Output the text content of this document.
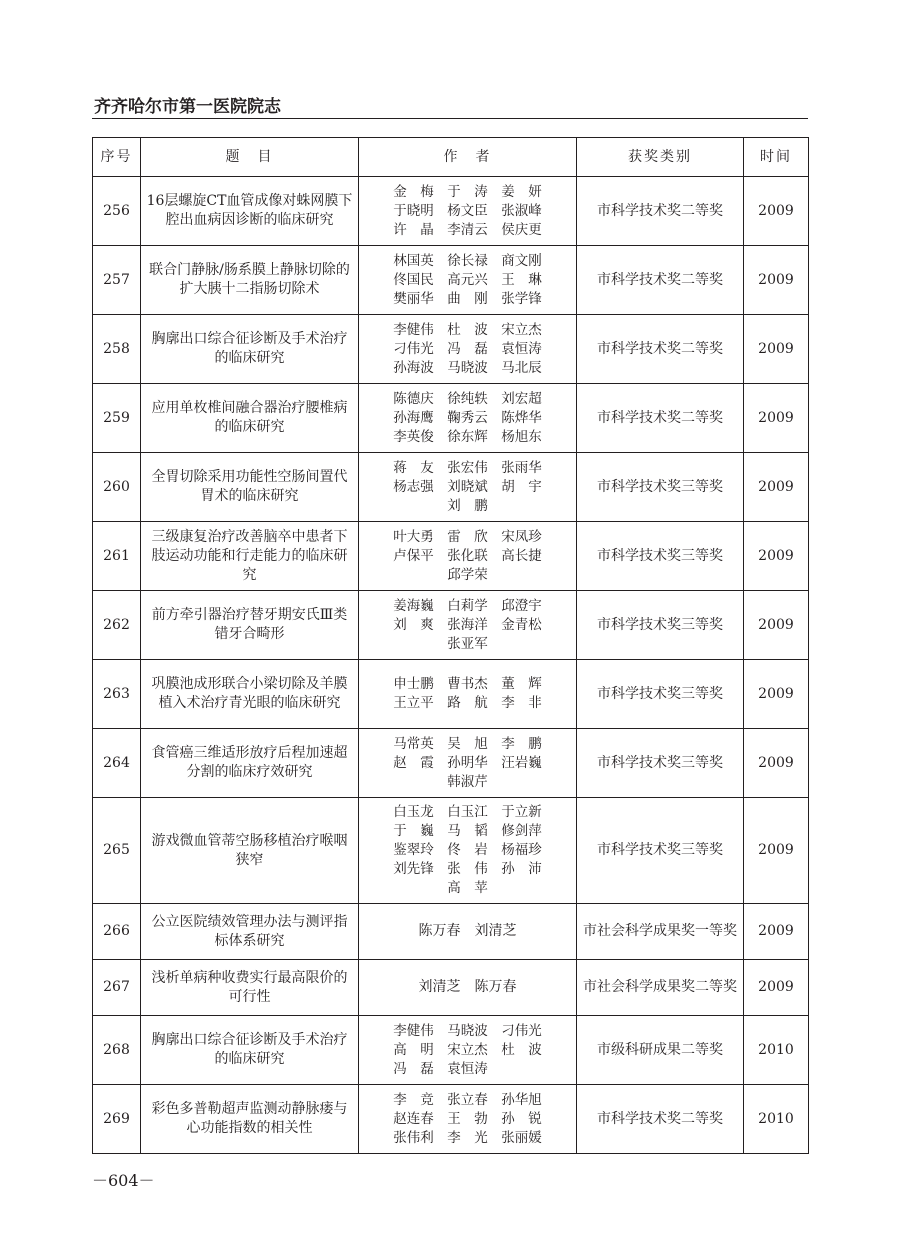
齐齐哈尔市第一医院院志
序号	题　目	作　者	获奖类别	时间
256	16层螺旋CT血管成像对蛛网膜下腔出血病因诊断的临床研究	金　梅　于　涛　姜　妍
于晓明　杨文臣　张淑峰
许　晶　李清云　侯庆更	市科学技术奖二等奖	2009
257	联合门静脉/肠系膜上静脉切除的扩大胰十二指肠切除术	林国英　徐长禄　商文刚
佟国民　高元兴　王　琳
樊丽华　曲　刚　张学锋	市科学技术奖二等奖	2009
258	胸廓出口综合征诊断及手术治疗的临床研究	李健伟　杜　波　宋立杰
刁伟光　冯　磊　袁恒涛
孙海波　马晓波　马北辰	市科学技术奖二等奖	2009
259	应用单枚椎间融合器治疗腰椎病的临床研究	陈德庆　徐纯轶　刘宏超
孙海鹰　鞠秀云　陈烨华
李英俊　徐东辉　杨旭东	市科学技术奖二等奖	2009
260	全胃切除采用功能性空肠间置代胃术的临床研究	蒋　友　张宏伟　张雨华
杨志强　刘晓斌　胡　宇
刘　鹏	市科学技术奖三等奖	2009
261	三级康复治疗改善脑卒中患者下肢运动功能和行走能力的临床研究	叶大勇　雷　欣　宋凤珍
卢保平　张化联　高长捷
邱学荣	市科学技术奖三等奖	2009
262	前方牵引器治疗替牙期安氏Ⅲ类错牙合畸形	姜海巍　白莉学　邱澄宇
刘　爽　张海洋　金青松
张亚军	市科学技术奖三等奖	2009
263	巩膜池成形联合小梁切除及羊膜植入术治疗青光眼的临床研究	申士鹏　曹书杰　董　辉
王立平　路　航　李　非	市科学技术奖三等奖	2009
264	食管癌三维适形放疗后程加速超分割的临床疗效研究	马常英　吴　旭　李　鹏
赵　霞　孙明华　汪岩巍
韩淑芹	市科学技术奖三等奖	2009
265	游戏微血管蒂空肠移植治疗喉咽狭窄	白玉龙　白玉江　于立新
于　巍　马　韬　修剑萍
鉴翠玲　佟　岩　杨福珍
刘先锋　张　伟　孙　沛
高　苹	市科学技术奖三等奖	2009
266	公立医院绩效管理办法与测评指标体系研究	陈万春　刘清芝	市社会科学成果奖一等奖	2009
267	浅析单病种收费实行最高限价的可行性	刘清芝　陈万春	市社会科学成果奖二等奖	2009
268	胸廓出口综合征诊断及手术治疗的临床研究	李健伟　马晓波　刁伟光
高　明　宋立杰　杜　波
冯　磊　袁恒涛	市级科研成果二等奖	2010
269	彩色多普勒超声监测动静脉瘘与心功能指数的相关性	李　竞　张立春　孙华旭
赵连春　王　勃　孙　锐
张伟利　李　光　张丽媛	市科学技术奖二等奖	2010
－604－
